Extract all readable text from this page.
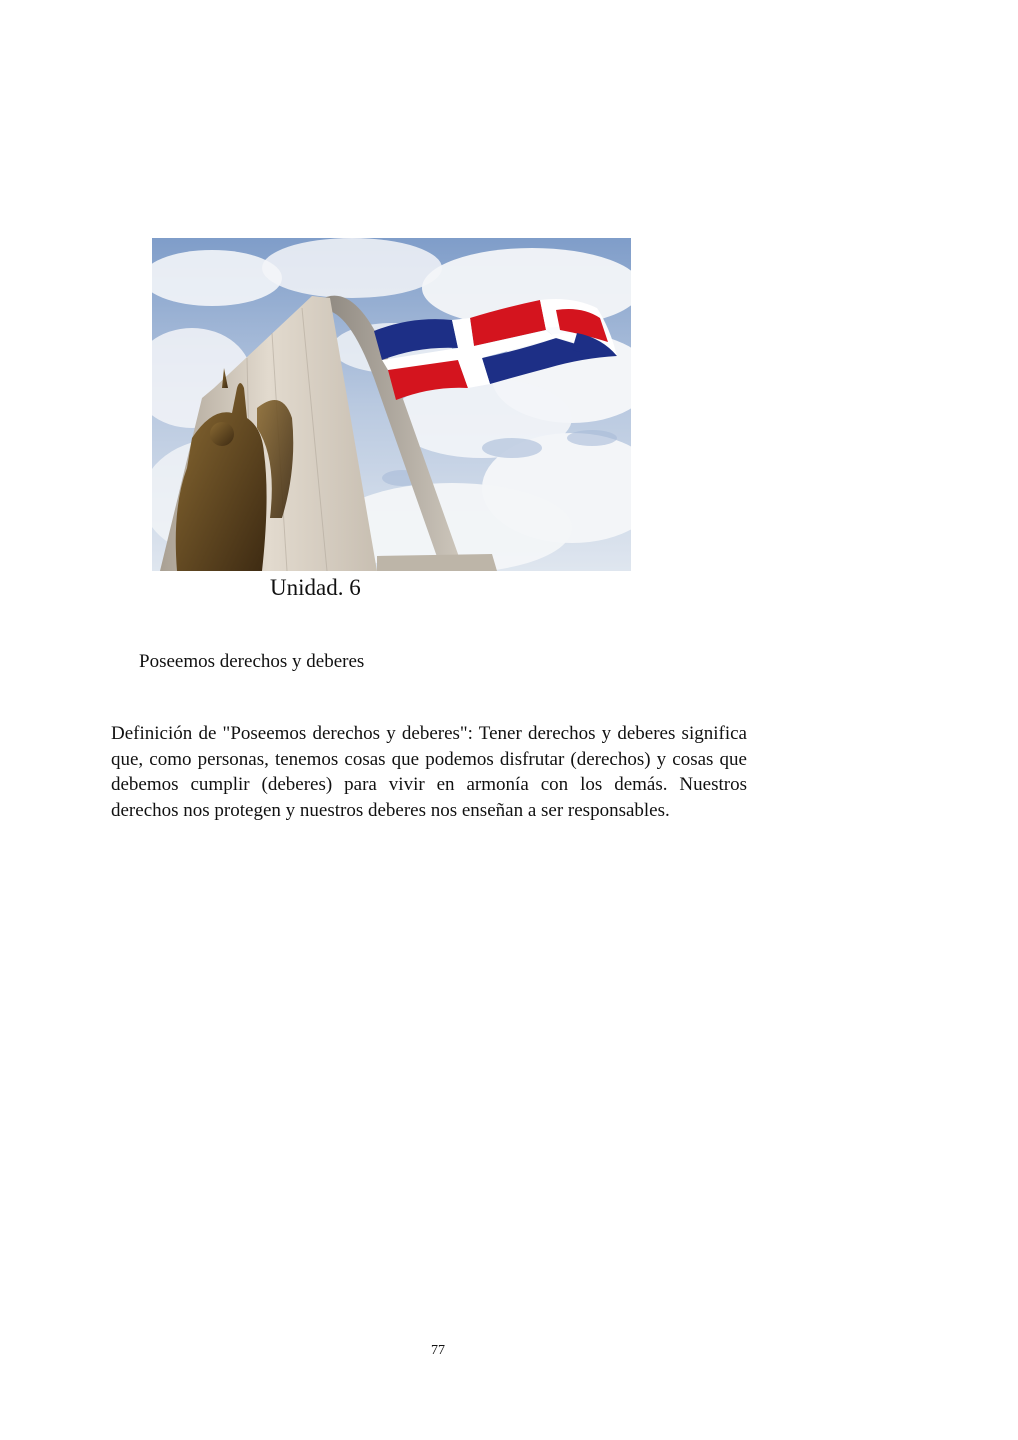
Unidad. 6
Poseemos derechos y deberes

Definición de "Poseemos derechos y deberes": Tener derechos y deberes significa que, como personas, tenemos cosas que podemos disfrutar (derechos) y cosas que debemos cumplir (deberes) para vivir en armonía con los demás. Nuestros derechos nos protegen y nuestros deberes nos enseñan a ser responsables.

77
